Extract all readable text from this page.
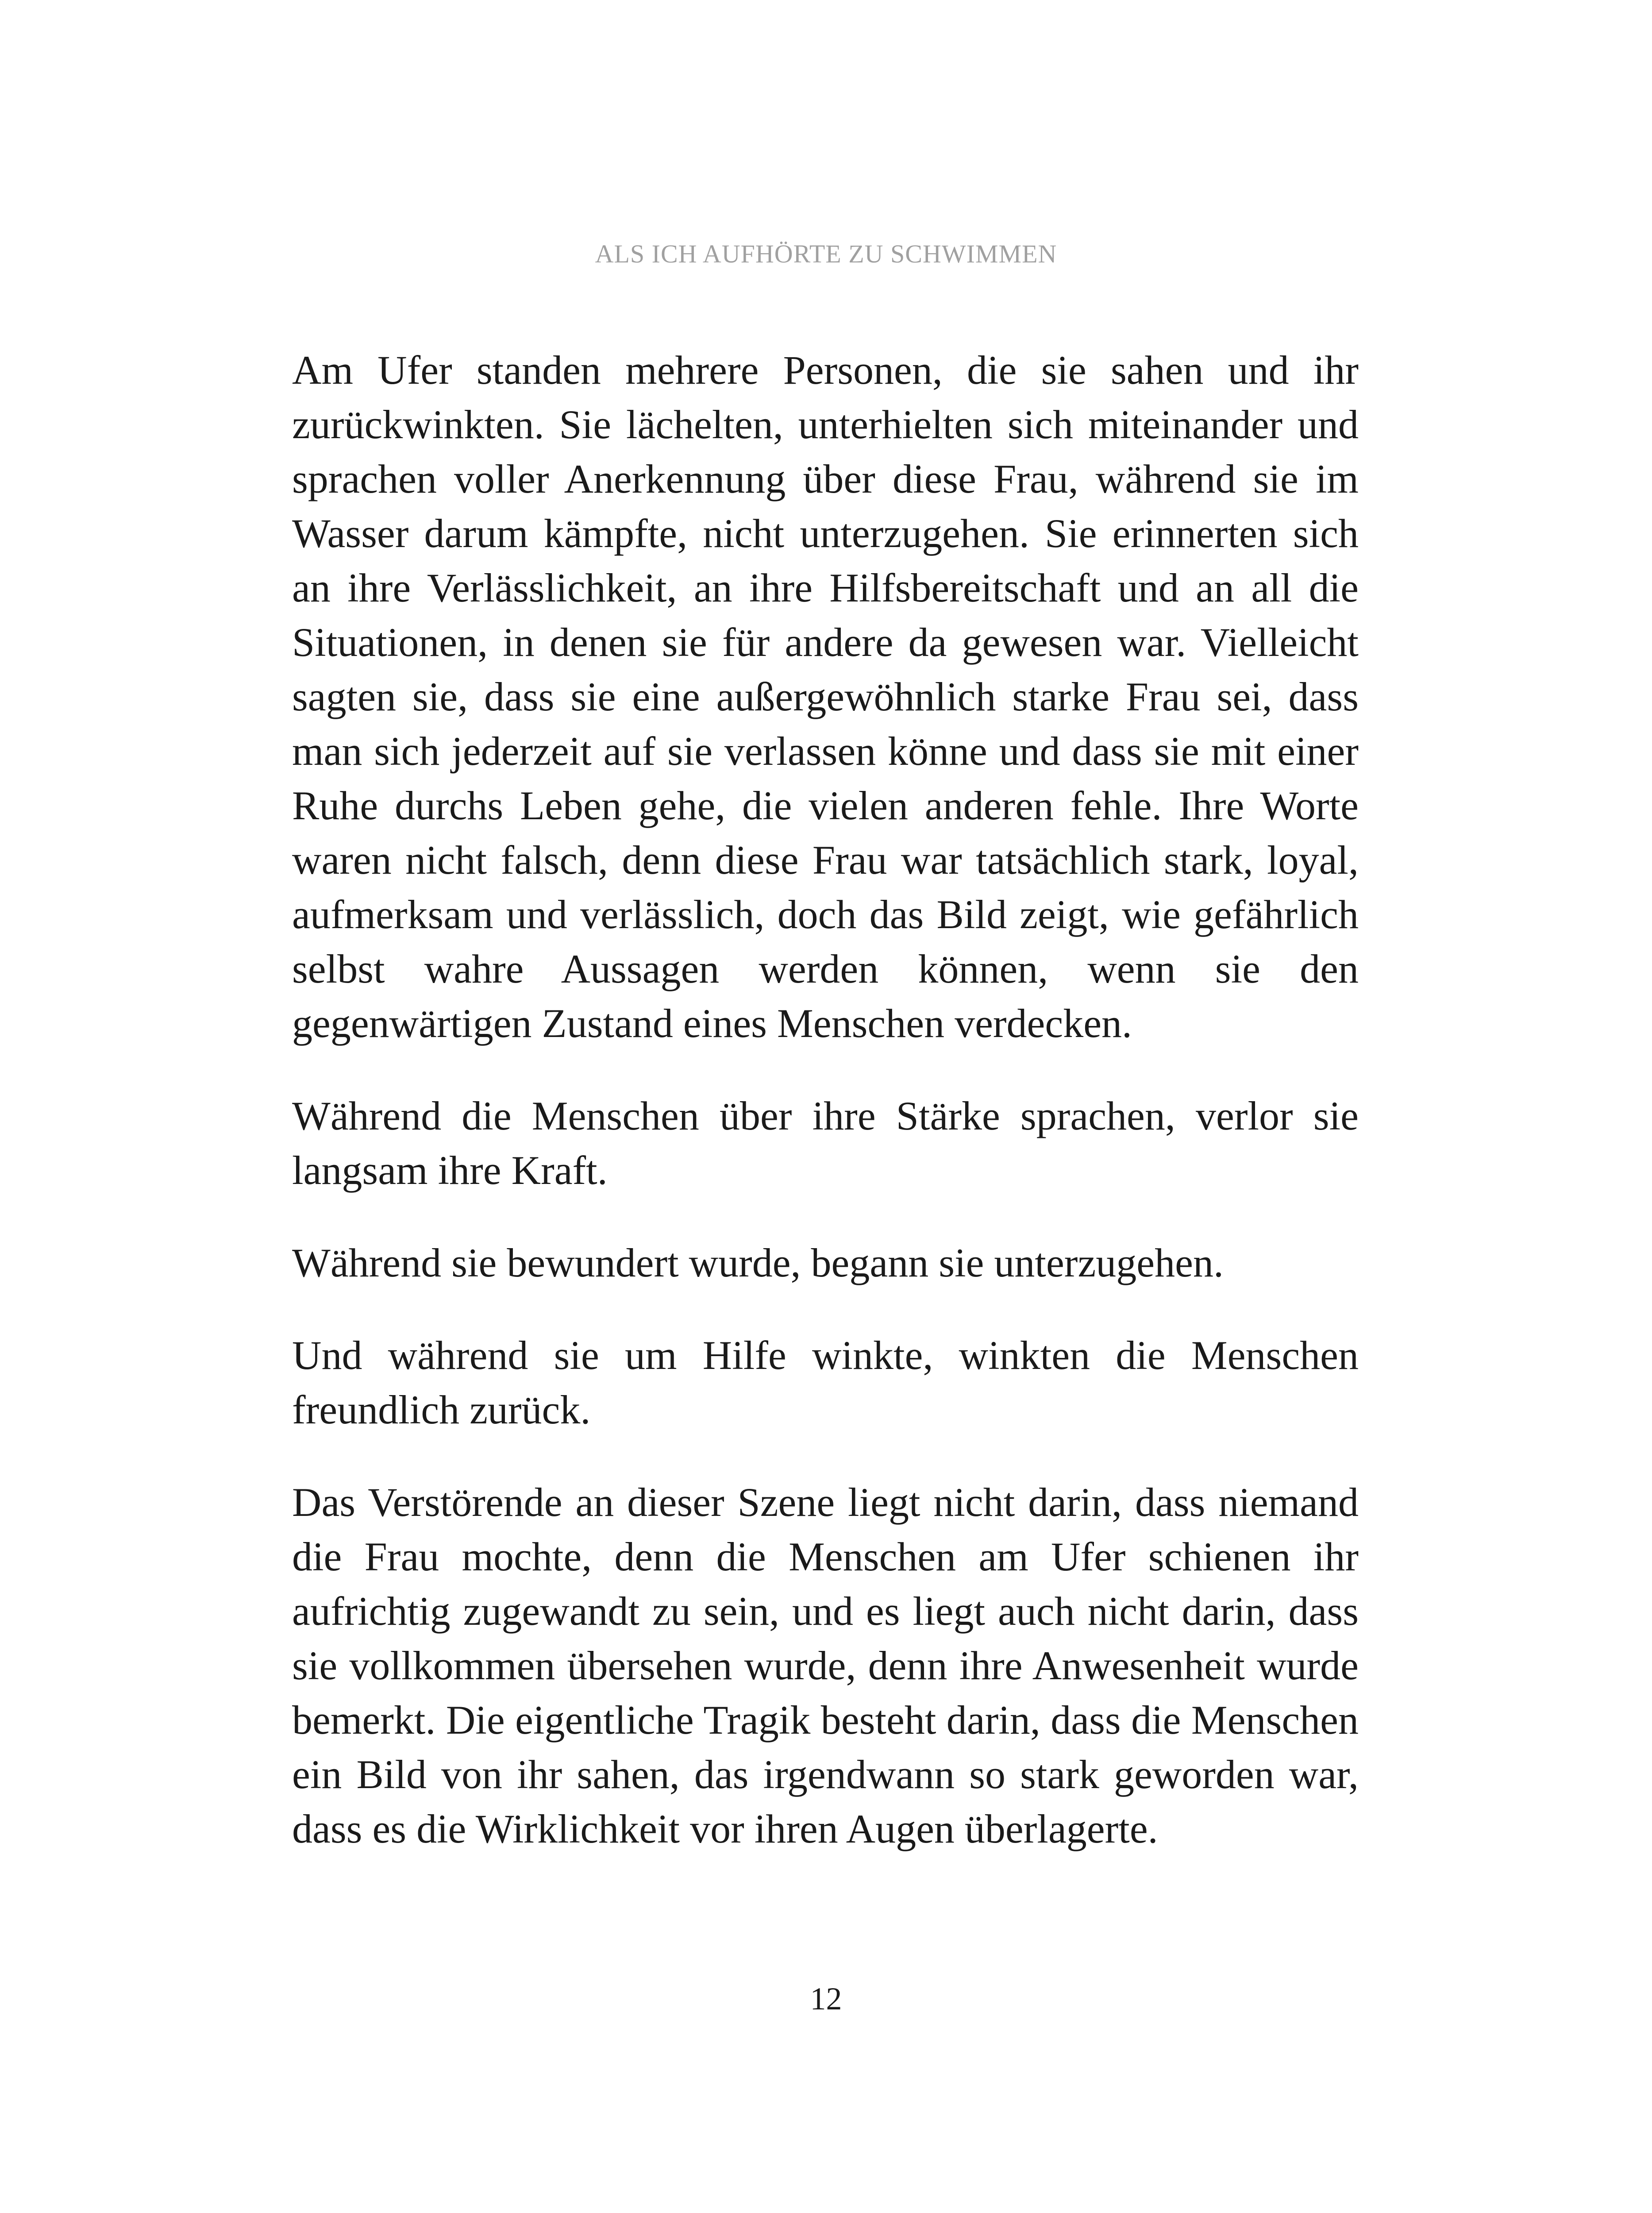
ALS ICH AUFHÖRTE ZU SCHWIMMEN

Am Ufer standen mehrere Personen, die sie sahen und ihr zurückwinkten. Sie lächelten, unterhielten sich miteinander und sprachen voller Anerkennung über diese Frau, während sie im Wasser darum kämpfte, nicht unterzugehen. Sie erinnerten sich an ihre Verlässlichkeit, an ihre Hilfsbereitschaft und an all die Situationen, in denen sie für andere da gewesen war. Vielleicht sagten sie, dass sie eine außergewöhnlich starke Frau sei, dass man sich jederzeit auf sie verlassen könne und dass sie mit einer Ruhe durchs Leben gehe, die vielen anderen fehle. Ihre Worte waren nicht falsch, denn diese Frau war tatsächlich stark, loyal, aufmerksam und verlässlich, doch das Bild zeigt, wie gefährlich selbst wahre Aussagen werden können, wenn sie den gegenwärtigen Zustand eines Menschen verdecken.

Während die Menschen über ihre Stärke sprachen, verlor sie langsam ihre Kraft.

Während sie bewundert wurde, begann sie unterzugehen.

Und während sie um Hilfe winkte, winkten die Menschen freundlich zurück.

Das Verstörende an dieser Szene liegt nicht darin, dass niemand die Frau mochte, denn die Menschen am Ufer schienen ihr aufrichtig zugewandt zu sein, und es liegt auch nicht darin, dass sie vollkommen übersehen wurde, denn ihre Anwesenheit wurde bemerkt. Die eigentliche Tragik besteht darin, dass die Menschen ein Bild von ihr sahen, das irgendwann so stark geworden war, dass es die Wirklichkeit vor ihren Augen überlagerte.

12
